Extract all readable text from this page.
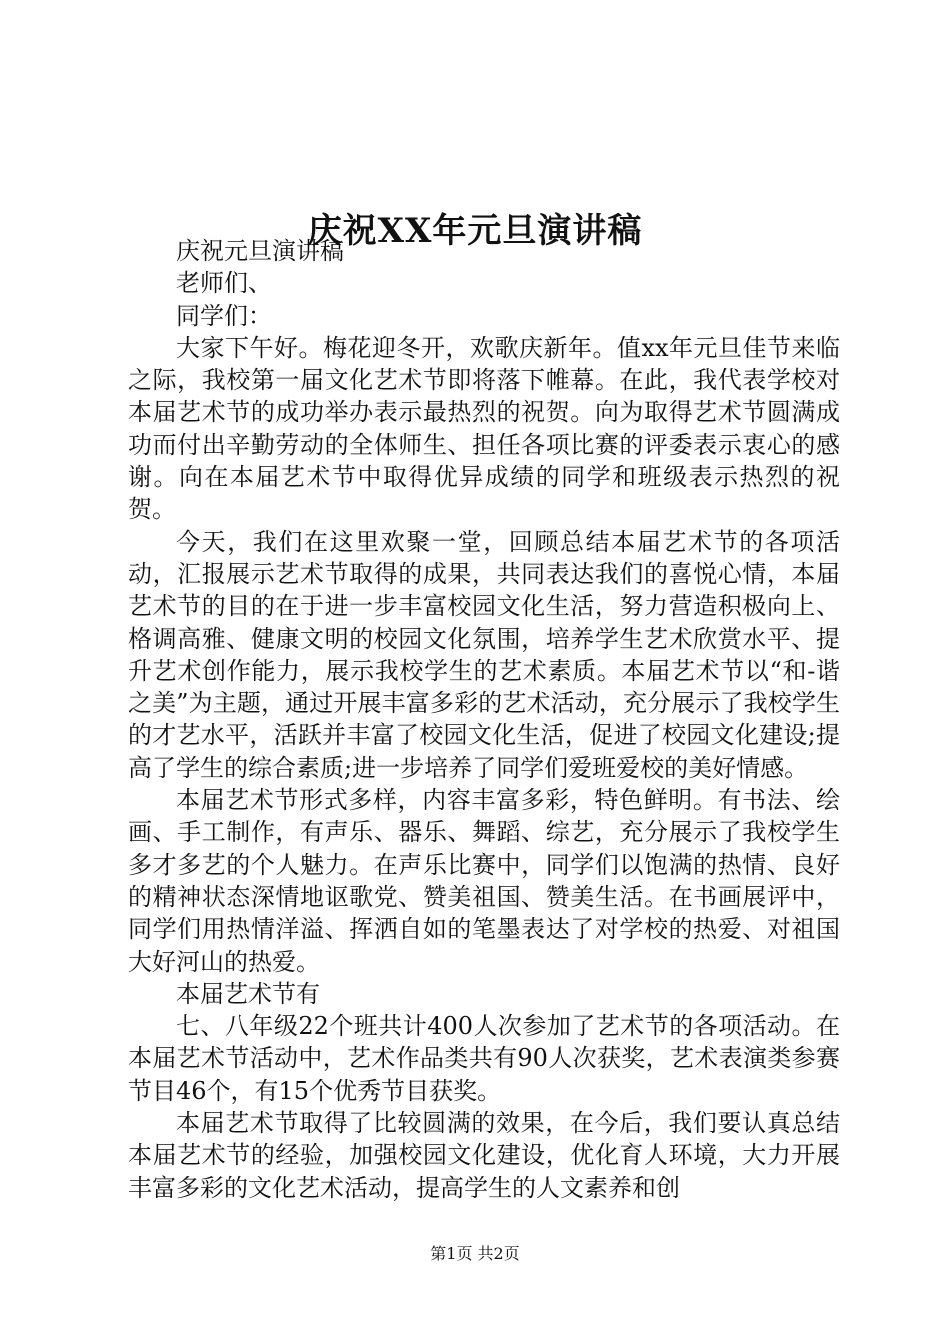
庆祝XX年元旦演讲稿

庆祝元旦演讲稿

老师们、

同学们：

大家下午好。梅花迎冬开，欢歌庆新年。值xx年元旦佳节来临之际，我校第一届文化艺术节即将落下帷幕。在此，我代表学校对本届艺术节的成功举办表示最热烈的祝贺。向为取得艺术节圆满成功而付出辛勤劳动的全体师生、担任各项比赛的评委表示衷心的感谢。向在本届艺术节中取得优异成绩的同学和班级表示热烈的祝贺。

今天，我们在这里欢聚一堂，回顾总结本届艺术节的各项活动，汇报展示艺术节取得的成果，共同表达我们的喜悦心情，本届艺术节的目的在于进一步丰富校园文化生活，努力营造积极向上、格调高雅、健康文明的校园文化氛围，培养学生艺术欣赏水平、提升艺术创作能力，展示我校学生的艺术素质。本届艺术节以“和-谐之美”为主题，通过开展丰富多彩的艺术活动，充分展示了我校学生的才艺水平，活跃并丰富了校园文化生活，促进了校园文化建设;提高了学生的综合素质;进一步培养了同学们爱班爱校的美好情感。

本届艺术节形式多样，内容丰富多彩，特色鲜明。有书法、绘画、手工制作，有声乐、器乐、舞蹈、综艺，充分展示了我校学生多才多艺的个人魅力。在声乐比赛中，同学们以饱满的热情、良好的精神状态深情地讴歌党、赞美祖国、赞美生活。在书画展评中，同学们用热情洋溢、挥洒自如的笔墨表达了对学校的热爱、对祖国大好河山的热爱。

本届艺术节有

七、八年级22个班共计400人次参加了艺术节的各项活动。在本届艺术节活动中，艺术作品类共有90人次获奖，艺术表演类参赛节目46个，有15个优秀节目获奖。

本届艺术节取得了比较圆满的效果，在今后，我们要认真总结本届艺术节的经验，加强校园文化建设，优化育人环境，大力开展丰富多彩的文化艺术活动，提高学生的人文素养和创

第1页 共2页
